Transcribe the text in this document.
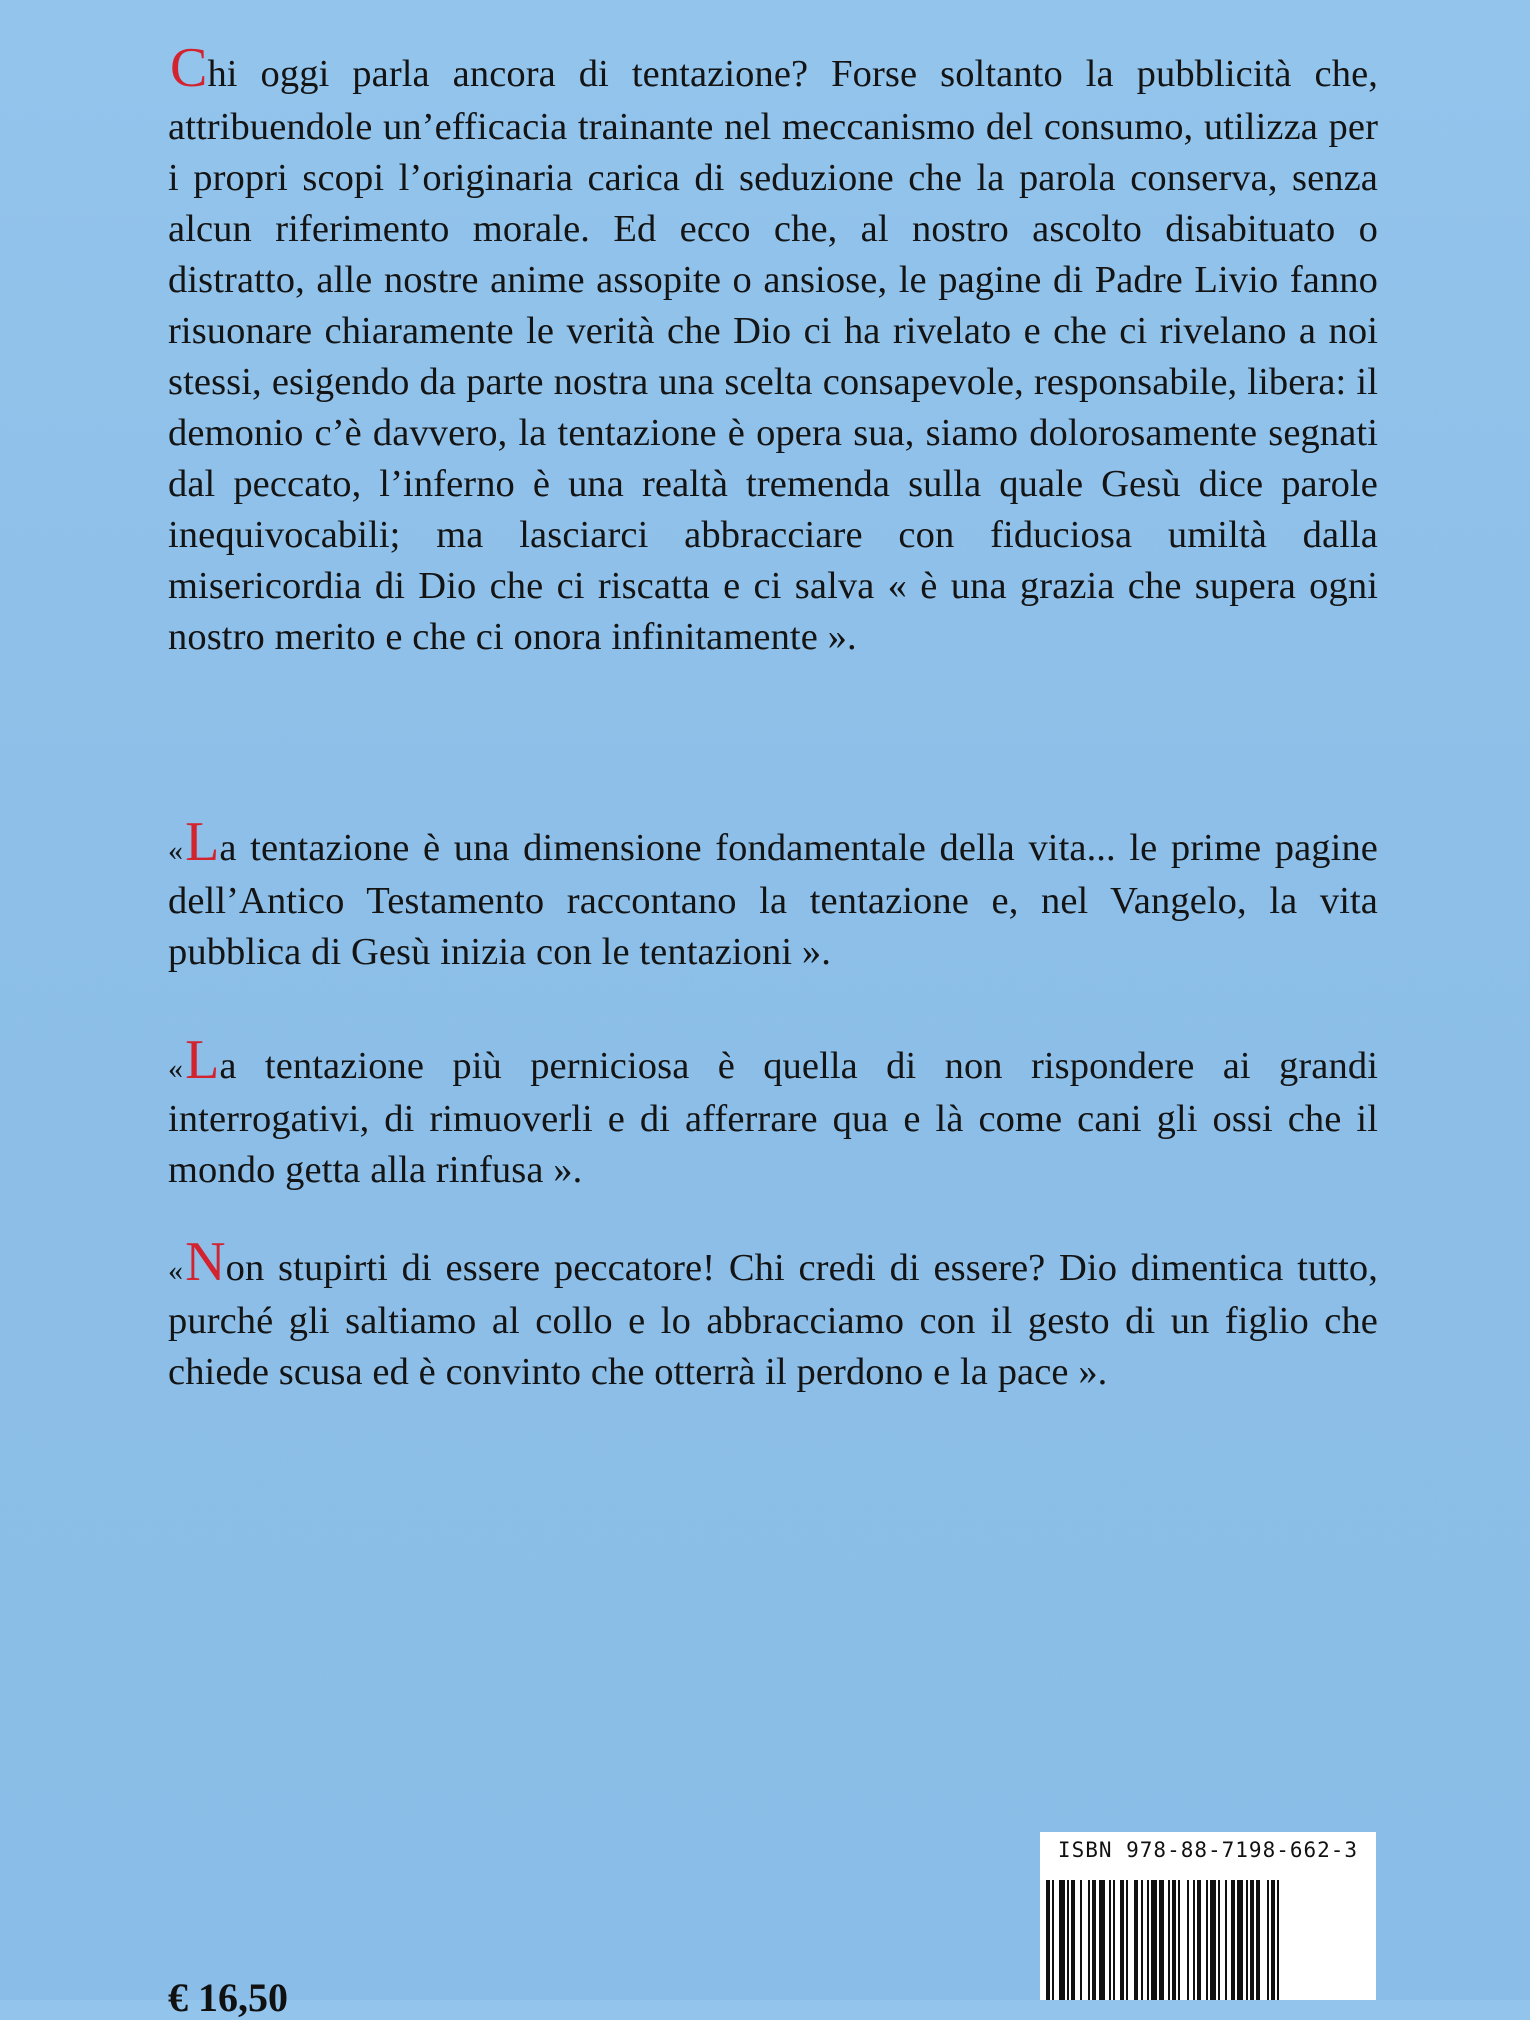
Chi oggi parla ancora di tentazione? Forse soltanto la pubblicità che, attribuendole un’efficacia trainante nel meccanismo del consumo, utilizza per i propri scopi l’originaria carica di seduzione che la parola conserva, senza alcun riferimento morale. Ed ecco che, al nostro ascolto disabituato o distratto, alle nostre anime assopite o ansiose, le pagine di Padre Livio fanno risuonare chiaramente le verità che Dio ci ha rivelato e che ci rivelano a noi stessi, esigendo da parte nostra una scelta consapevole, responsabile, libera: il demonio c’è davvero, la tentazione è opera sua, siamo dolorosamente segnati dal peccato, l’inferno è una realtà tremenda sulla quale Gesù dice parole inequivocabili; ma lasciarci abbracciare con fiduciosa umiltà dalla misericordia di Dio che ci riscatta e ci salva « è una grazia che supera ogni nostro merito e che ci onora infinitamente ».

«La tentazione è una dimensione fondamentale della vita... le prime pagine dell’Antico Testamento raccontano la tentazione e, nel Vangelo, la vita pubblica di Gesù inizia con le tentazioni ».

«La tentazione più perniciosa è quella di non rispondere ai grandi interrogativi, di rimuoverli e di afferrare qua e là come cani gli ossi che il mondo getta alla rinfusa ».

«Non stupirti di essere peccatore! Chi credi di essere? Dio dimentica tutto, purché gli saltiamo al collo e lo abbracciamo con il gesto di un figlio che chiede scusa ed è convinto che otterrà il perdono e la pace ».

ISBN 978-88-7198-662-3
€ 16,50
